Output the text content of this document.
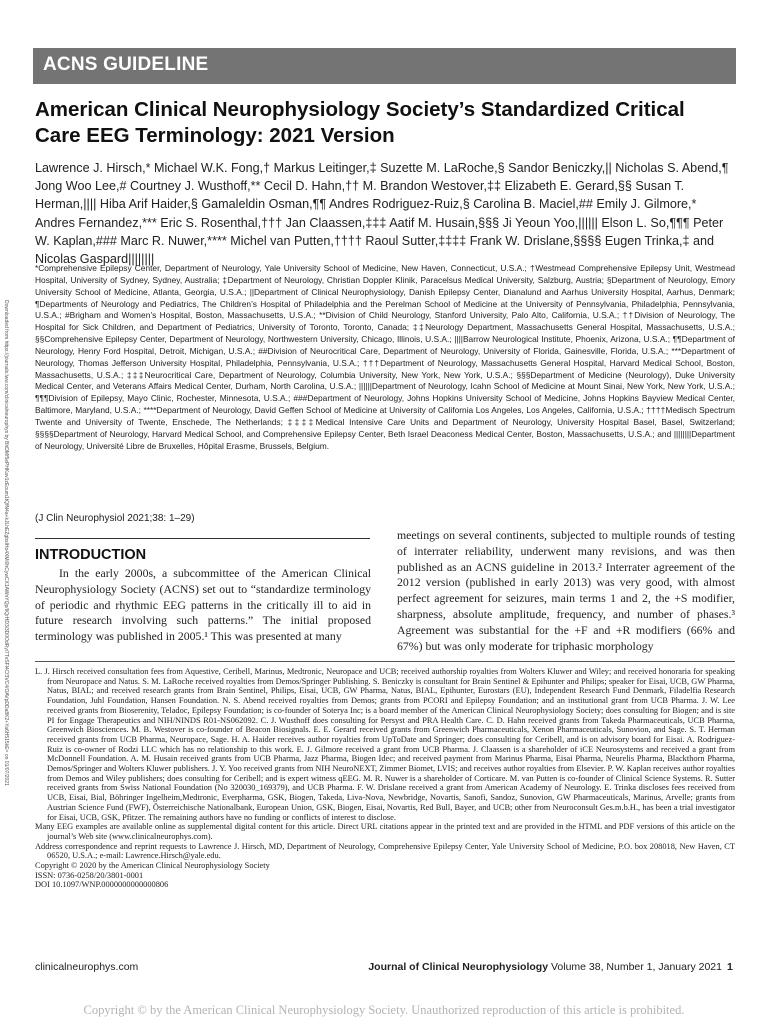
ACNS GUIDELINE
American Clinical Neurophysiology Society’s Standardized Critical Care EEG Terminology: 2021 Version

Lawrence J. Hirsch,* Michael W.K. Fong,† Markus Leitinger,‡ Suzette M. LaRoche,§ Sandor Beniczky,|| Nicholas S. Abend,¶ Jong Woo Lee,# Courtney J. Wusthoff,** Cecil D. Hahn,†† M. Brandon Westover,‡‡ Elizabeth E. Gerard,§§ Susan T. Herman,|||| Hiba Arif Haider,§ Gamaleldin Osman,¶¶ Andres Rodriguez-Ruiz,§ Carolina B. Maciel,## Emily J. Gilmore,* Andres Fernandez,*** Eric S. Rosenthal,††† Jan Claassen,‡‡‡ Aatif M. Husain,§§§ Ji Yeoun Yoo,|||||| Elson L. So,¶¶¶ Peter W. Kaplan,### Marc R. Nuwer,**** Michel van Putten,†††† Raoul Sutter,‡‡‡‡ Frank W. Drislane,§§§§ Eugen Trinka,‡ and Nicolas Gaspard||||||||

*Comprehensive Epilepsy Center, Department of Neurology, Yale University School of Medicine, New Haven, Connecticut, U.S.A.; †Westmead Comprehensive Epilepsy Unit, Westmead Hospital, University of Sydney, Sydney, Australia; ‡Department of Neurology, Christian Doppler Klinik, Paracelsus Medical University, Salzburg, Austria; §Department of Neurology, Emory University School of Medicine, Atlanta, Georgia, U.S.A.; ||Department of Clinical Neurophysiology, Danish Epilepsy Center, Dianalund and Aarhus University Hospital, Aarhus, Denmark; ¶Departments of Neurology and Pediatrics, The Children’s Hospital of Philadelphia and the Perelman School of Medicine at the University of Pennsylvania, Philadelphia, Pennsylvania, U.S.A.; #Brigham and Women’s Hospital, Boston, Massachusetts, U.S.A.; **Division of Child Neurology, Stanford University, Palo Alto, California, U.S.A.; ††Division of Neurology, The Hospital for Sick Children, and Department of Pediatrics, University of Toronto, Toronto, Canada; ‡‡Neurology Department, Massachusetts General Hospital, Massachusetts, U.S.A.; §§Comprehensive Epilepsy Center, Department of Neurology, Northwestern University, Chicago, Illinois, U.S.A.; ||||Barrow Neurological Institute, Phoenix, Arizona, U.S.A.; ¶¶Department of Neurology, Henry Ford Hospital, Detroit, Michigan, U.S.A.; ##Division of Neurocritical Care, Department of Neurology, University of Florida, Gainesville, Florida, U.S.A.; ***Department of Neurology, Thomas Jefferson University Hospital, Philadelphia, Pennsylvania, U.S.A.; †††Department of Neurology, Massachusetts General Hospital, Harvard Medical School, Boston, Massachusetts, U.S.A.; ‡‡‡Neurocritical Care, Department of Neurology, Columbia University, New York, New York, U.S.A.; §§§Department of Medicine (Neurology), Duke University Medical Center, and Veterans Affairs Medical Center, Durham, North Carolina, U.S.A.; ||||||Department of Neurology, Icahn School of Medicine at Mount Sinai, New York, New York, U.S.A.; ¶¶¶Division of Epilepsy, Mayo Clinic, Rochester, Minnesota, U.S.A.; ###Department of Neurology, Johns Hopkins University School of Medicine, Johns Hopkins Bayview Medical Center, Baltimore, Maryland, U.S.A.; ****Department of Neurology, David Geffen School of Medicine at University of California Los Angeles, Los Angeles, California, U.S.A.; ††††Medisch Spectrum Twente and University of Twente, Enschede, The Netherlands; ‡‡‡‡Medical Intensive Care Units and Department of Neurology, University Hospital Basel, Basel, Switzerland; §§§§Department of Neurology, Harvard Medical School, and Comprehensive Epilepsy Center, Beth Israel Deaconess Medical Center, Boston, Massachusetts, U.S.A.; and ||||||||Department of Neurology, Université Libre de Bruxelles, Hôpital Erasme, Brussels, Belgium.

Downloaded from https://journals.lww.com/clinicalneurophys by BhDMf5ePHKav1zEoum1tQfN4a+kJLhEZgbsIHo4XMi0hCywCX1AWnYQp/IlQrHD3i3D0OdRyi7TvSFl4Cf3VC4/OAVpDDa8K2+Ya6H515kE= on 01/07/2021	(J Clin Neurophysiol 2021;38: 1–29)
INTRODUCTION

In the early 2000s, a subcommittee of the American Clinical Neurophysiology Society (ACNS) set out to “standardize terminology of periodic and rhythmic EEG patterns in the critically ill to aid in future research involving such patterns.” The initial proposed terminology was published in 2005.¹ This was presented at many

meetings on several continents, subjected to multiple rounds of testing of interrater reliability, underwent many revisions, and was then published as an ACNS guideline in 2013.² Interrater agreement of the 2012 version (published in early 2013) was very good, with almost perfect agreement for seizures, main terms 1 and 2, the +S modifier, sharpness, absolute amplitude, frequency, and number of phases.³ Agreement was substantial for the +F and +R modifiers (66% and 67%) but was only moderate for triphasic morphology

L. J. Hirsch received consultation fees from Aquestive, Ceribell, Marinus, Medtronic, Neuropace and UCB; received authorship royalties from Wolters Kluwer and Wiley; and received honoraria for speaking from Neuropace and Natus. S. M. LaRoche received royalties from Demos/Springer Publishing. S. Beniczky is consultant for Brain Sentinel & Epihunter and Philips; speaker for Eisai, UCB, GW Pharma, Natus, BIAL; and received research grants from Brain Sentinel, Philips, Eisai, UCB, GW Pharma, Natus, BIAL, Epihunter, Eurostars (EU), Independent Research Fund Denmark, Filadelfia Research Foundation, Juhl Foundation, Hansen Foundation. N. S. Abend received royalties from Demos; grants from PCORI and Epilepsy Foundation; and an institutional grant from UCB Pharma. J. W. Lee received grants from Bioserenity, Teladoc, Epilepsy Foundation; is co-founder of Soterya Inc; is a board member of the American Clinical Neurophysiology Society; does consulting for Biogen; and is site PI for Engage Therapeutics and NIH/NINDS R01-NS062092. C. J. Wusthoff does consulting for Persyst and PRA Health Care. C. D. Hahn received grants from Takeda Pharmaceuticals, UCB Pharma, Greenwich Biosciences. M. B. Westover is co-founder of Beacon Biosignals. E. E. Gerard received grants from Greenwich Pharmaceuticals, Xenon Pharmaceuticals, Sunovion, and Sage. S. T. Herman received grants from UCB Pharma, Neuropace, Sage. H. A. Haider receives author royalties from UpToDate and Springer; does consulting for Ceribell, and is on advisory board for Eisai. A. Rodriguez-Ruiz is co-owner of Rodzi LLC which has no relationship to this work. E. J. Gilmore received a grant from UCB Pharma. J. Claassen is a shareholder of iCE Neurosystems and received a grant from McDonnell Foundation. A. M. Husain received grants from UCB Pharma, Jazz Pharma, Biogen Idec; and received payment from Marinus Pharma, Eisai Pharma, Neurelis Pharma, Blackthorn Pharma, Demos/Springer and Wolters Kluwer publishers. J. Y. Yoo received grants from NIH NeuroNEXT, Zimmer Biomet, LVIS; and receives author royalties from Elsevier. P. W. Kaplan receives author royalties from Demos and Wiley publishers; does consulting for Ceribell; and is expert witness qEEG. M. R. Nuwer is a shareholder of Corticare. M. van Putten is co-founder of Clinical Science Systems. R. Sutter received grants from Swiss National Foundation (No 320030_169379), and UCB Pharma. F. W. Drislane received a grant from American Academy of Neurology. E. Trinka discloses fees received from UCB, Eisai, Bial, Böhringer Ingelheim,Medtronic, Everpharma, GSK, Biogen, Takeda, Liva-Nova, Newbridge, Novartis, Sanofi, Sandoz, Sunovion, GW Pharmaceuticals, Marinus, Arvelle; grants from Austrian Science Fund (FWF), Österreichische Nationalbank, European Union, GSK, Biogen, Eisai, Novartis, Red Bull, Bayer, and UCB; other from Neuroconsult Ges.m.b.H., has been a trial investigator for Eisai, UCB, GSK, Pfitzer. The remaining authors have no funding or conflicts of interest to disclose.

Many EEG examples are available online as supplemental digital content for this article. Direct URL citations appear in the printed text and are provided in the HTML and PDF versions of this article on the journal’s Web site (www.clinicalneurophys.com).

Address correspondence and reprint requests to Lawrence J. Hirsch, MD, Department of Neurology, Comprehensive Epilepsy Center, Yale University School of Medicine, P.O. box 208018, New Haven, CT 06520, U.S.A.; e-mail: Lawrence.Hirsch@yale.edu.

Copyright © 2020 by the American Clinical Neurophysiology Society

ISSN: 0736-0258/20/3801-0001

DOI 10.1097/WNP.0000000000000806

clinicalneurophys.com	Journal of Clinical Neurophysiology Volume 38, Number 1, January 2021 1
Copyright © by the American Clinical Neurophysiology Society. Unauthorized reproduction of this article is prohibited.
